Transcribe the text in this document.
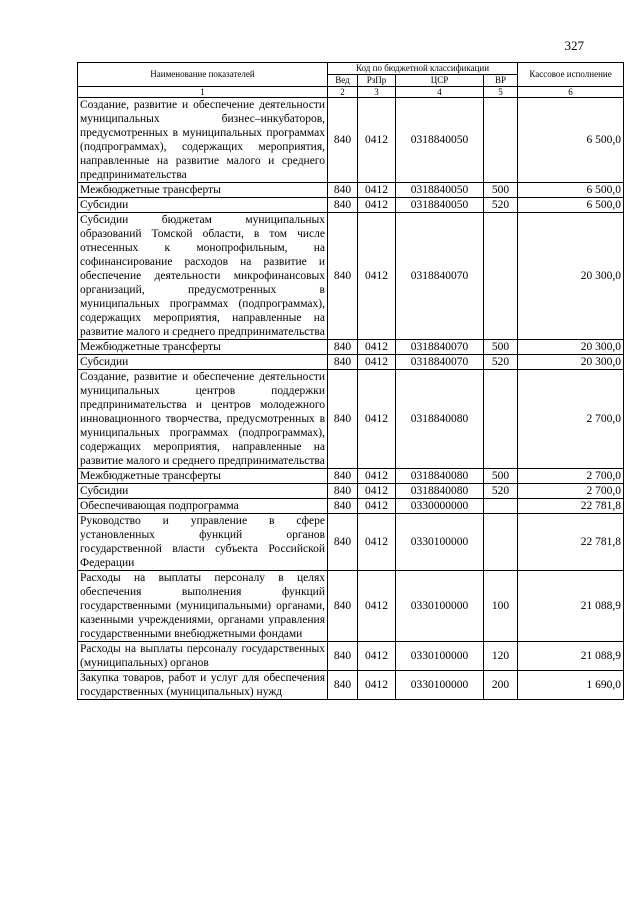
327
Наименование показателей	Код по бюджетной классификации				Кассовое исполнение
	Вед	РзПр	ЦСР	ВР	
1	2	3	4	5	6
Создание, развитие и обеспечение деятельности муниципальных бизнес–инкубаторов, предусмотренных в муниципальных программах (подпрограммах), содержащих мероприятия, направленные на развитие малого и среднего предпринимательства	840	0412	0318840050		6 500,0
Межбюджетные трансферты	840	0412	0318840050	500	6 500,0
Субсидии	840	0412	0318840050	520	6 500,0
Субсидии бюджетам муниципальных образований Томской области, в том числе отнесенных к монопрофильным, на софинансирование расходов на развитие и обеспечение деятельности микрофинансовых организаций, предусмотренных в муниципальных программах (подпрограммах), содержащих мероприятия, направленные на развитие малого и среднего предпринимательства	840	0412	0318840070		20 300,0
Межбюджетные трансферты	840	0412	0318840070	500	20 300,0
Субсидии	840	0412	0318840070	520	20 300,0
Создание, развитие и обеспечение деятельности муниципальных центров поддержки предпринимательства и центров молодежного инновационного творчества, предусмотренных в муниципальных программах (подпрограммах), содержащих мероприятия, направленные на развитие малого и среднего предпринимательства	840	0412	0318840080		2 700,0
Межбюджетные трансферты	840	0412	0318840080	500	2 700,0
Субсидии	840	0412	0318840080	520	2 700,0
Обеспечивающая подпрограмма	840	0412	0330000000		22 781,8
Руководство и управление в сфере установленных функций органов государственной власти субъекта Российской Федерации	840	0412	0330100000		22 781,8
Расходы на выплаты персоналу в целях обеспечения выполнения функций государственными (муниципальными) органами, казенными учреждениями, органами управления государственными внебюджетными фондами	840	0412	0330100000	100	21 088,9
Расходы на выплаты персоналу государственных (муниципальных) органов	840	0412	0330100000	120	21 088,9
Закупка товаров, работ и услуг для обеспечения государственных (муниципальных) нужд	840	0412	0330100000	200	1 690,0
